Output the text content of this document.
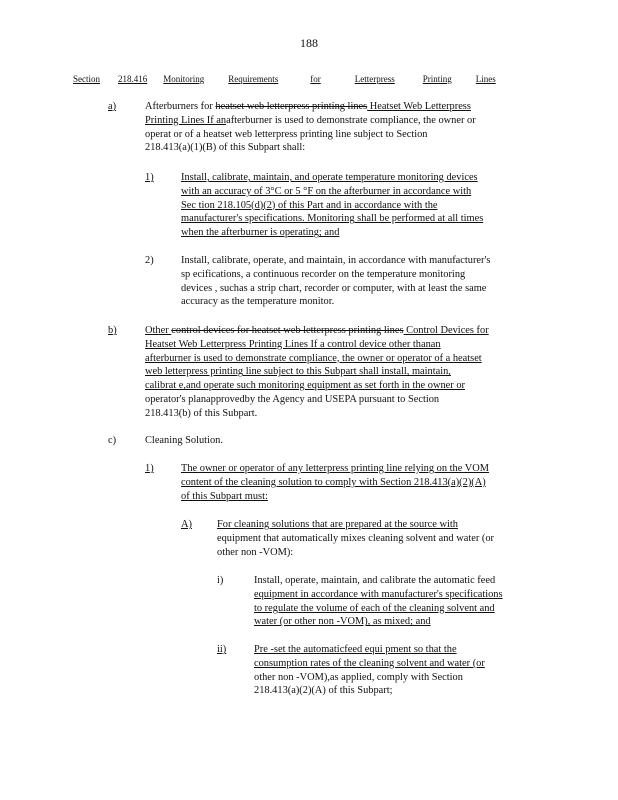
188
Section 218.416 Monitoring	Requirements	for	Letterpress	Printing	Lines
a)	Afterburners for heatset web letterpress printing lines Heatset Web Letterpress
Printing Lines If anafterburner is used to demonstrate compliance, the owner or
operat or of a heatset web letterpress printing line subject to Section
218.413(a)(1)(B) of this Subpart shall:
1)	Install, calibrate, maintain, and operate temperature monitoring devices
with an accuracy of 3°C or 5 °F on the afterburner in accordance with
Sec tion 218.105(d)(2) of this Part and in accordance with the
manufacturer's specifications. Monitoring shall be performed at all times
when the afterburner is operating; and
2)	Install, calibrate, operate, and maintain, in accordance with manufacturer's
sp ecifications, a continuous recorder on the temperature monitoring
devices , suchas a strip chart, recorder or computer, with at least the same
accuracy as the temperature monitor.
b)	Other control devices for heatset web letterpress printing lines Control Devices for
Heatset Web Letterpress Printing Lines If a control device other thanan
afterburner is used to demonstrate compliance, the owner or operator of a heatset
web letterpress printing line subject to this Subpart shall install, maintain,
calibrat e,and operate such monitoring equipment as set forth in the owner or
operator's planapprovedby the Agency and USEPA pursuant to Section
218.413(b) of this Subpart.
c)	Cleaning Solution.
1)	The owner or operator of any letterpress printing line relying on the VOM
content of the cleaning solution to comply with Section 218.413(a)(2)(A)
of this Subpart must:
A) For cleaning solutions that are prepared at the source with
equipment that automatically mixes cleaning solvent and water (or
other non -VOM):
i)	Install, operate, maintain, and calibrate the automatic feed
equipment in accordance with manufacturer's specifications
to regulate the volume of each of the cleaning solvent and
water (or other non -VOM), as mixed; and
ii)	Pre -set the automaticfeed equi pment so that the
consumption rates of the cleaning solvent and water (or
other non -VOM),as applied, comply with Section
218.413(a)(2)(A) of this Subpart;
